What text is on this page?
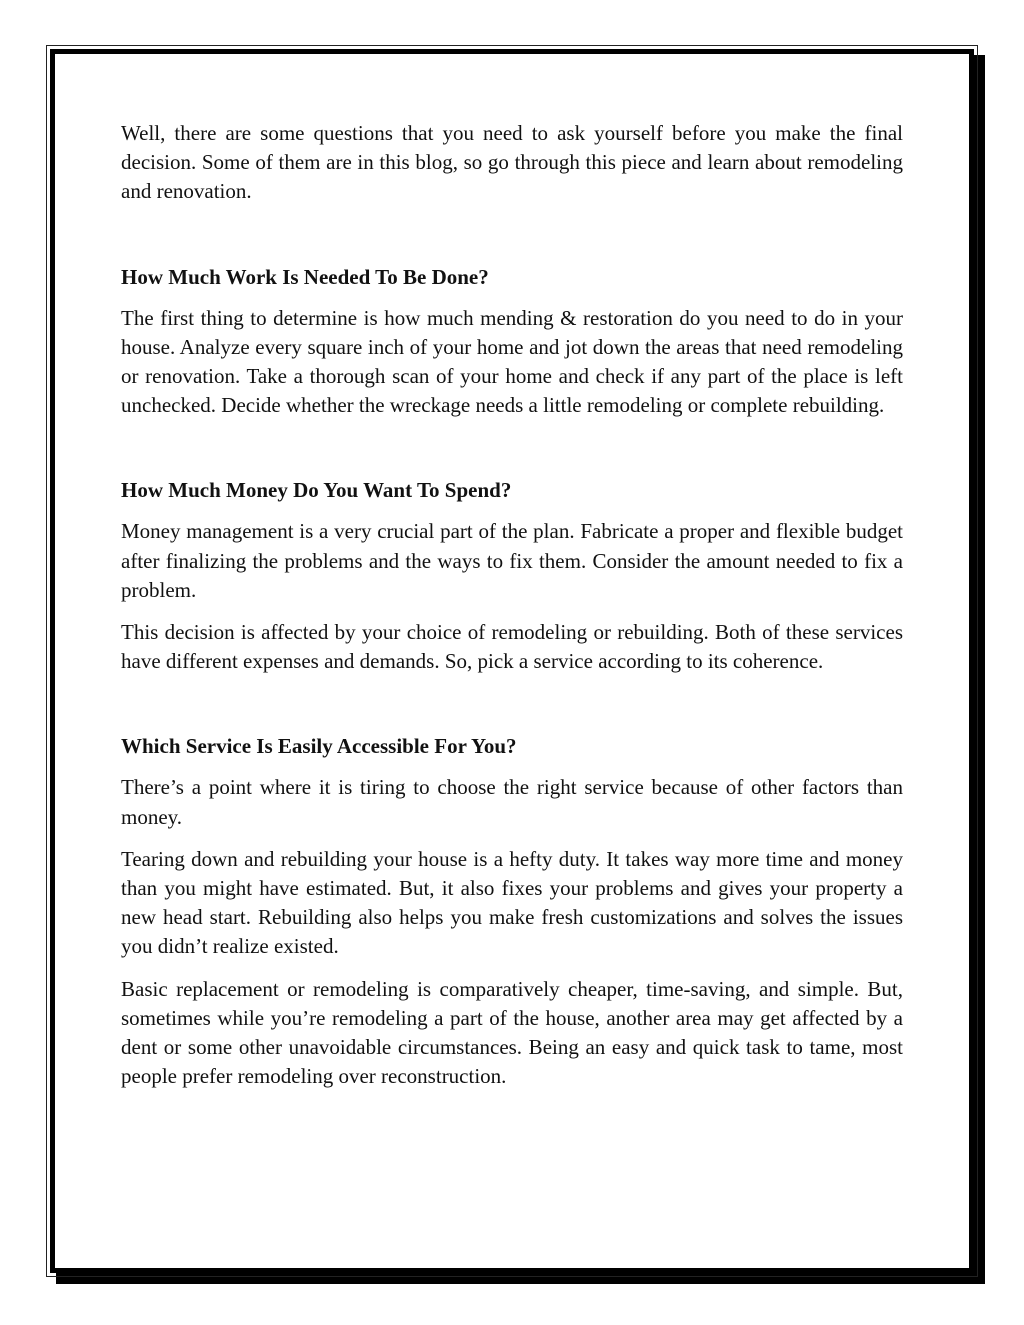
Well, there are some questions that you need to ask yourself before you make the final decision. Some of them are in this blog, so go through this piece and learn about remodeling and renovation.

How Much Work Is Needed To Be Done?

The first thing to determine is how much mending & restoration do you need to do in your house. Analyze every square inch of your home and jot down the areas that need remodeling or renovation. Take a thorough scan of your home and check if any part of the place is left unchecked. Decide whether the wreckage needs a little remodeling or complete rebuilding.

How Much Money Do You Want To Spend?

Money management is a very crucial part of the plan. Fabricate a proper and flexible budget after finalizing the problems and the ways to fix them. Consider the amount needed to fix a problem.

This decision is affected by your choice of remodeling or rebuilding. Both of these services have different expenses and demands. So, pick a service according to its coherence.

Which Service Is Easily Accessible For You?

There’s a point where it is tiring to choose the right service because of other factors than money.

Tearing down and rebuilding your house is a hefty duty. It takes way more time and money than you might have estimated. But, it also fixes your problems and gives your property a new head start. Rebuilding also helps you make fresh customizations and solves the issues you didn’t realize existed.

Basic replacement or remodeling is comparatively cheaper, time-saving, and simple. But, sometimes while you’re remodeling a part of the house, another area may get affected by a dent or some other unavoidable circumstances. Being an easy and quick task to tame, most people prefer remodeling over reconstruction.
